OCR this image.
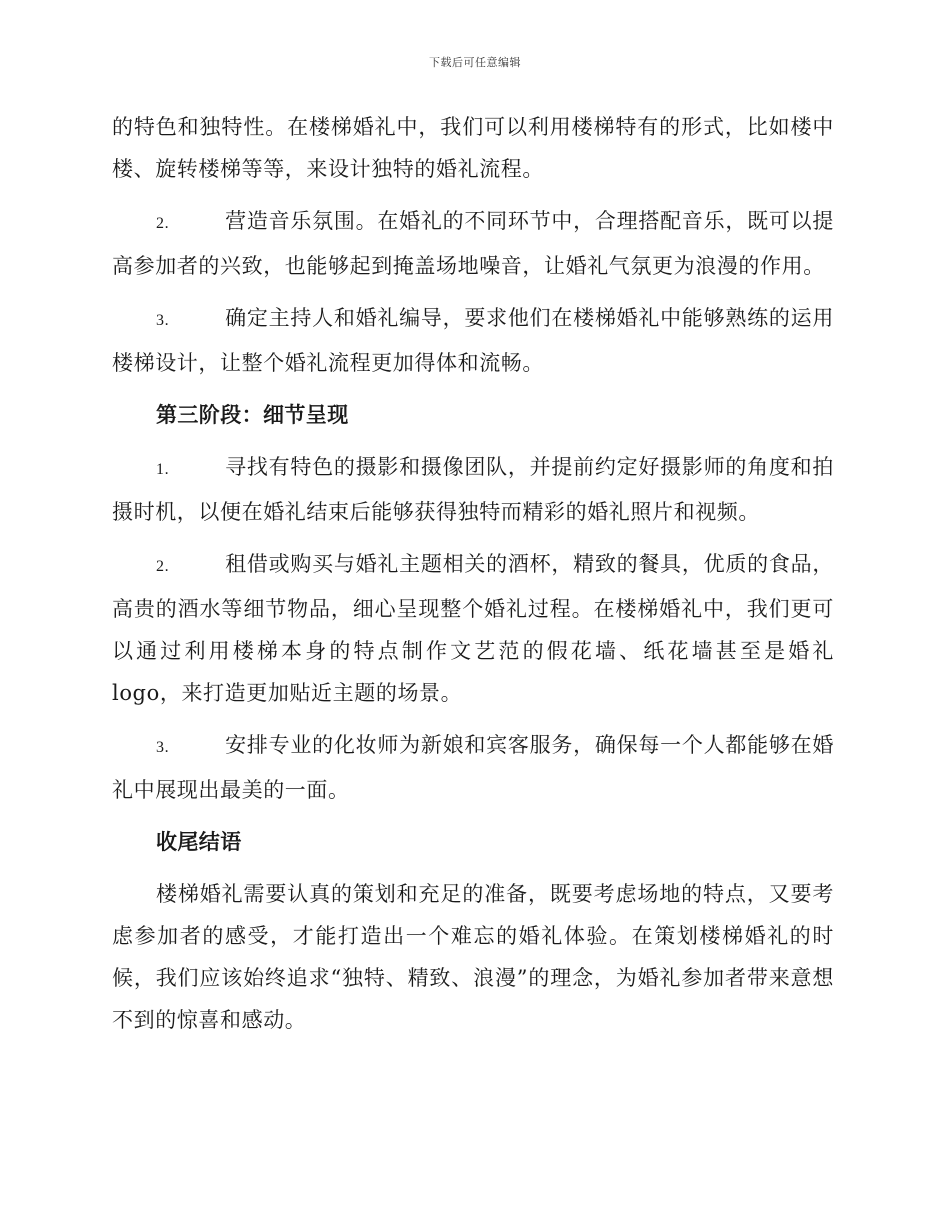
下载后可任意编辑

的特色和独特性。在楼梯婚礼中，我们可以利用楼梯特有的形式，比如楼中楼、旋转楼梯等等，来设计独特的婚礼流程。

2.	营造音乐氛围。在婚礼的不同环节中，合理搭配音乐，既可以提高参加者的兴致，也能够起到掩盖场地噪音，让婚礼气氛更为浪漫的作用。

3.	确定主持人和婚礼编导，要求他们在楼梯婚礼中能够熟练的运用楼梯设计，让整个婚礼流程更加得体和流畅。

第三阶段：细节呈现

1.	寻找有特色的摄影和摄像团队，并提前约定好摄影师的角度和拍摄时机，以便在婚礼结束后能够获得独特而精彩的婚礼照片和视频。

2.	租借或购买与婚礼主题相关的酒杯，精致的餐具，优质的食品，高贵的酒水等细节物品，细心呈现整个婚礼过程。在楼梯婚礼中，我们更可以通过利用楼梯本身的特点制作文艺范的假花墙、纸花墙甚至是婚礼 logo，来打造更加贴近主题的场景。

3.	安排专业的化妆师为新娘和宾客服务，确保每一个人都能够在婚礼中展现出最美的一面。

收尾结语

楼梯婚礼需要认真的策划和充足的准备，既要考虑场地的特点，又要考虑参加者的感受，才能打造出一个难忘的婚礼体验。在策划楼梯婚礼的时候，我们应该始终追求“独特、精致、浪漫”的理念，为婚礼参加者带来意想不到的惊喜和感动。
